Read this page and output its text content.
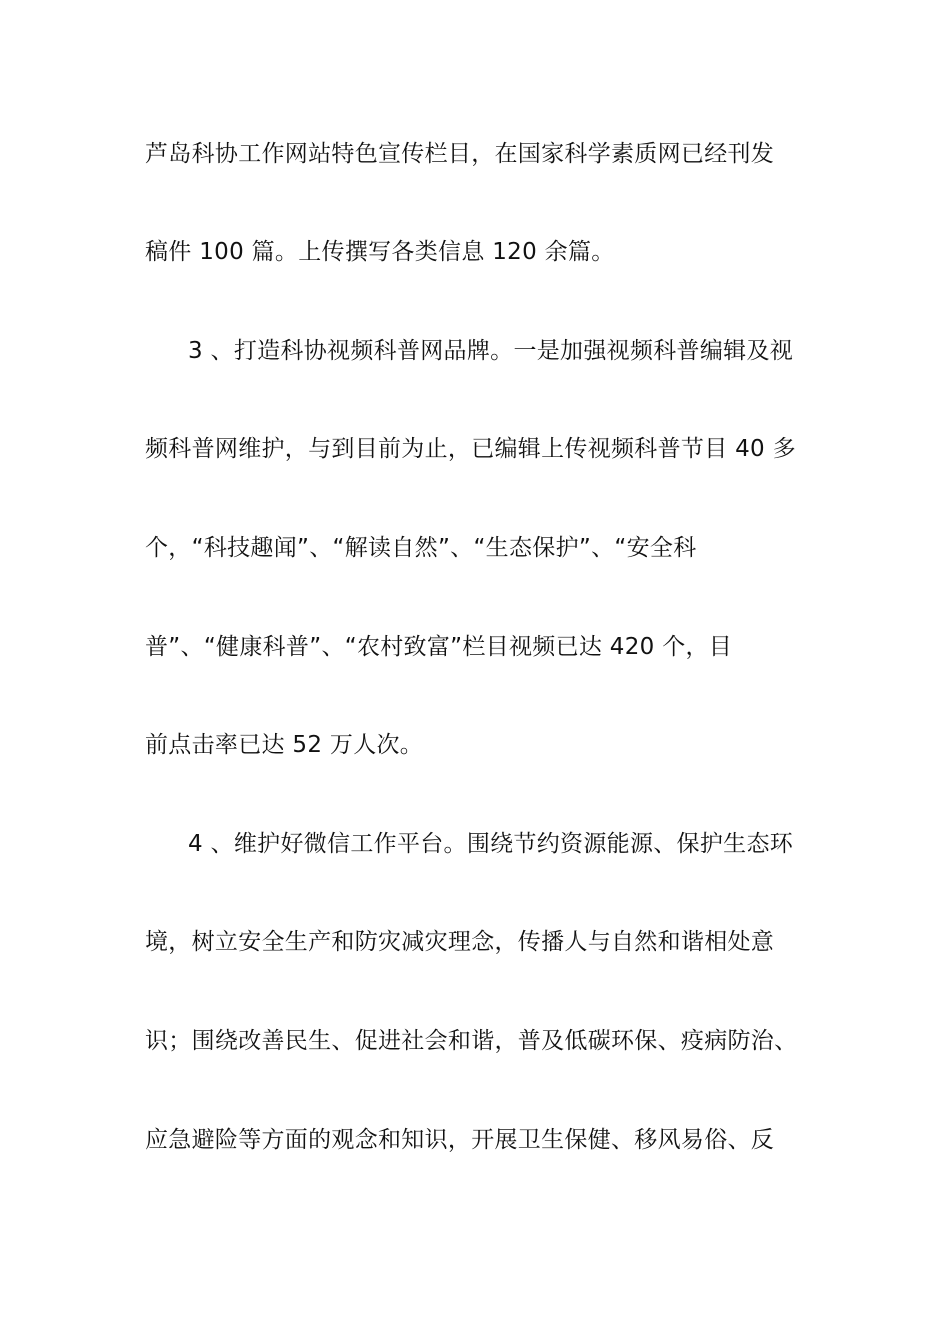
芦岛科协工作网站特色宣传栏目，在国家科学素质网已经刊发
稿件 100 篇。上传撰写各类信息 120 余篇。
3 、打造科协视频科普网品牌。一是加强视频科普编辑及视
频科普网维护，与到目前为止，已编辑上传视频科普节目 40 多
个，“科技趣闻”、“解读自然”、“生态保护”、“安全科
普”、“健康科普”、“农村致富”栏目视频已达 420 个，目
前点击率已达 52 万人次。
4 、维护好微信工作平台。围绕节约资源能源、保护生态环
境，树立安全生产和防灾减灾理念，传播人与自然和谐相处意
识；围绕改善民生、促进社会和谐，普及低碳环保、疫病防治、
应急避险等方面的观念和知识，开展卫生保健、移风易俗、反
